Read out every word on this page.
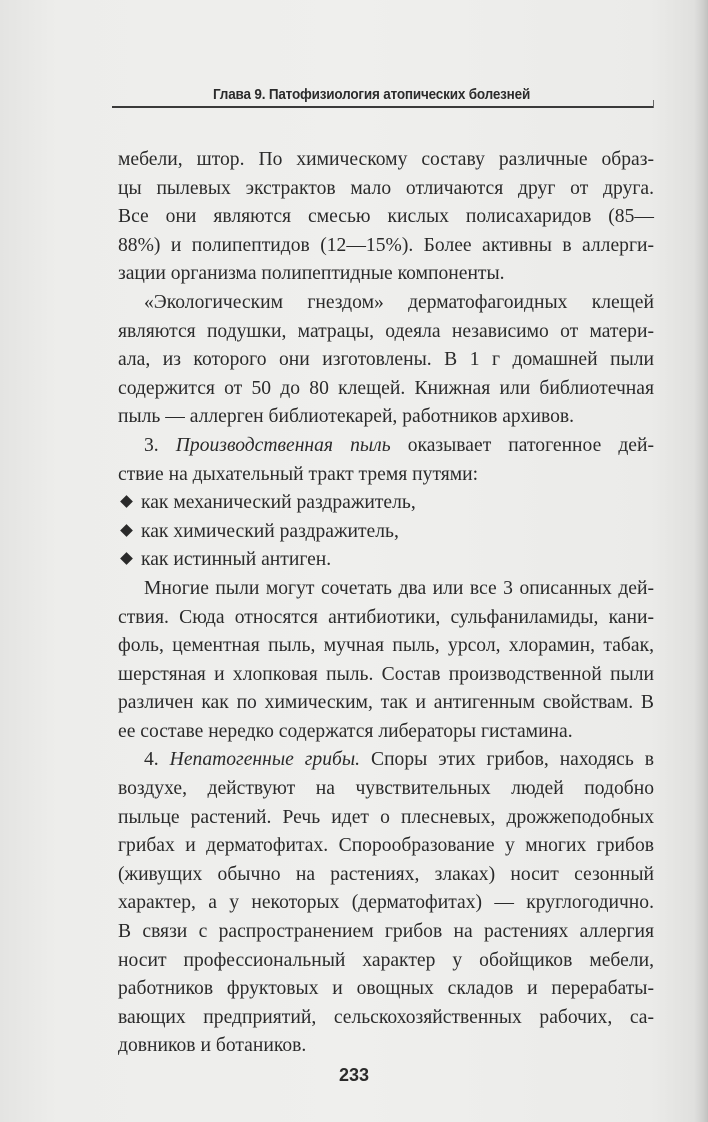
Глава 9. Патофизиология атопических болезней
мебели, штор. По химическому составу различные образ-
цы пылевых экстрактов мало отличаются друг от друга.
Все они являются смесью кислых полисахаридов (85—
88%) и полипептидов (12—15%). Более активны в аллерги-
зации организма полипептидные компоненты.
«Экологическим гнездом» дерматофагоидных клещей
являются подушки, матрацы, одеяла независимо от матери-
ала, из которого они изготовлены. В 1 г домашней пыли
содержится от 50 до 80 клещей. Книжная или библиотечная
пыль — аллерген библиотекарей, работников архивов.
3. Производственная пыль оказывает патогенное дей-
ствие на дыхательный тракт тремя путями:
как механический раздражитель,
как химический раздражитель,
как истинный антиген.
Многие пыли могут сочетать два или все 3 описанных дей-
ствия. Сюда относятся антибиотики, сульфаниламиды, кани-
фоль, цементная пыль, мучная пыль, урсол, хлорамин, табак,
шерстяная и хлопковая пыль. Состав производственной пыли
различен как по химическим, так и антигенным свойствам. В
ее составе нередко содержатся либераторы гистамина.
4. Непатогенные грибы. Споры этих грибов, находясь в
воздухе, действуют на чувствительных людей подобно
пыльце растений. Речь идет о плесневых, дрожжеподобных
грибах и дерматофитах. Спорообразование у многих грибов
(живущих обычно на растениях, злаках) носит сезонный
характер, а у некоторых (дерматофитах) — круглогодично.
В связи с распространением грибов на растениях аллергия
носит профессиональный характер у обойщиков мебели,
работников фруктовых и овощных складов и перерабаты-
вающих предприятий, сельскохозяйственных рабочих, са-
довников и ботаников.
233
